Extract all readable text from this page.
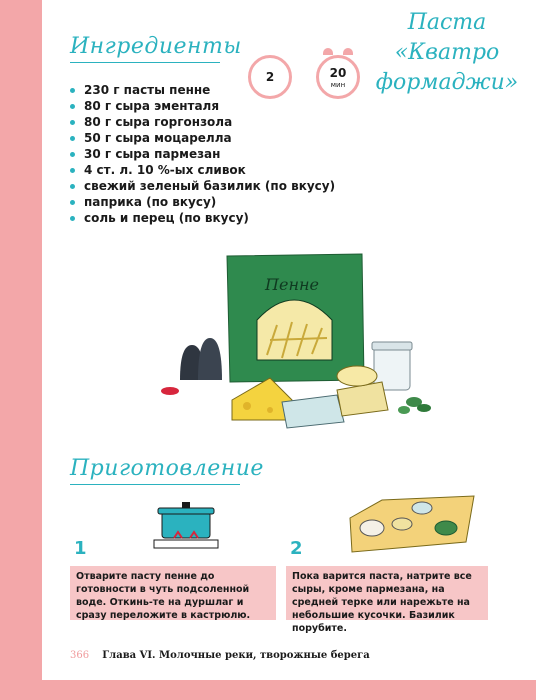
Ингредиенты
Паста
«Кватро
формаджи»
2	20
мин
230 г пасты пенне
80 г сыра эменталя
80 г сыра горгонзола
50 г сыра моцарелла
30 г сыра пармезан
4 ст. л. 10 %-ых сливок
свежий зеленый базилик (по вкусу)
паприка (по вкусу)
соль и перец (по вкусу)
Пенне
Приготовление
1
Отварите пасту пенне до готовности в чуть подсоленной воде. Откинь-те на дуршлаг и сразу переложите в кастрюлю.
2
Пока варится паста, натрите все сыры, кроме пармезана, на средней терке или нарежьте на небольшие кусочки. Базилик порубите.
366 Глава VI. Молочные реки, творожные берега
